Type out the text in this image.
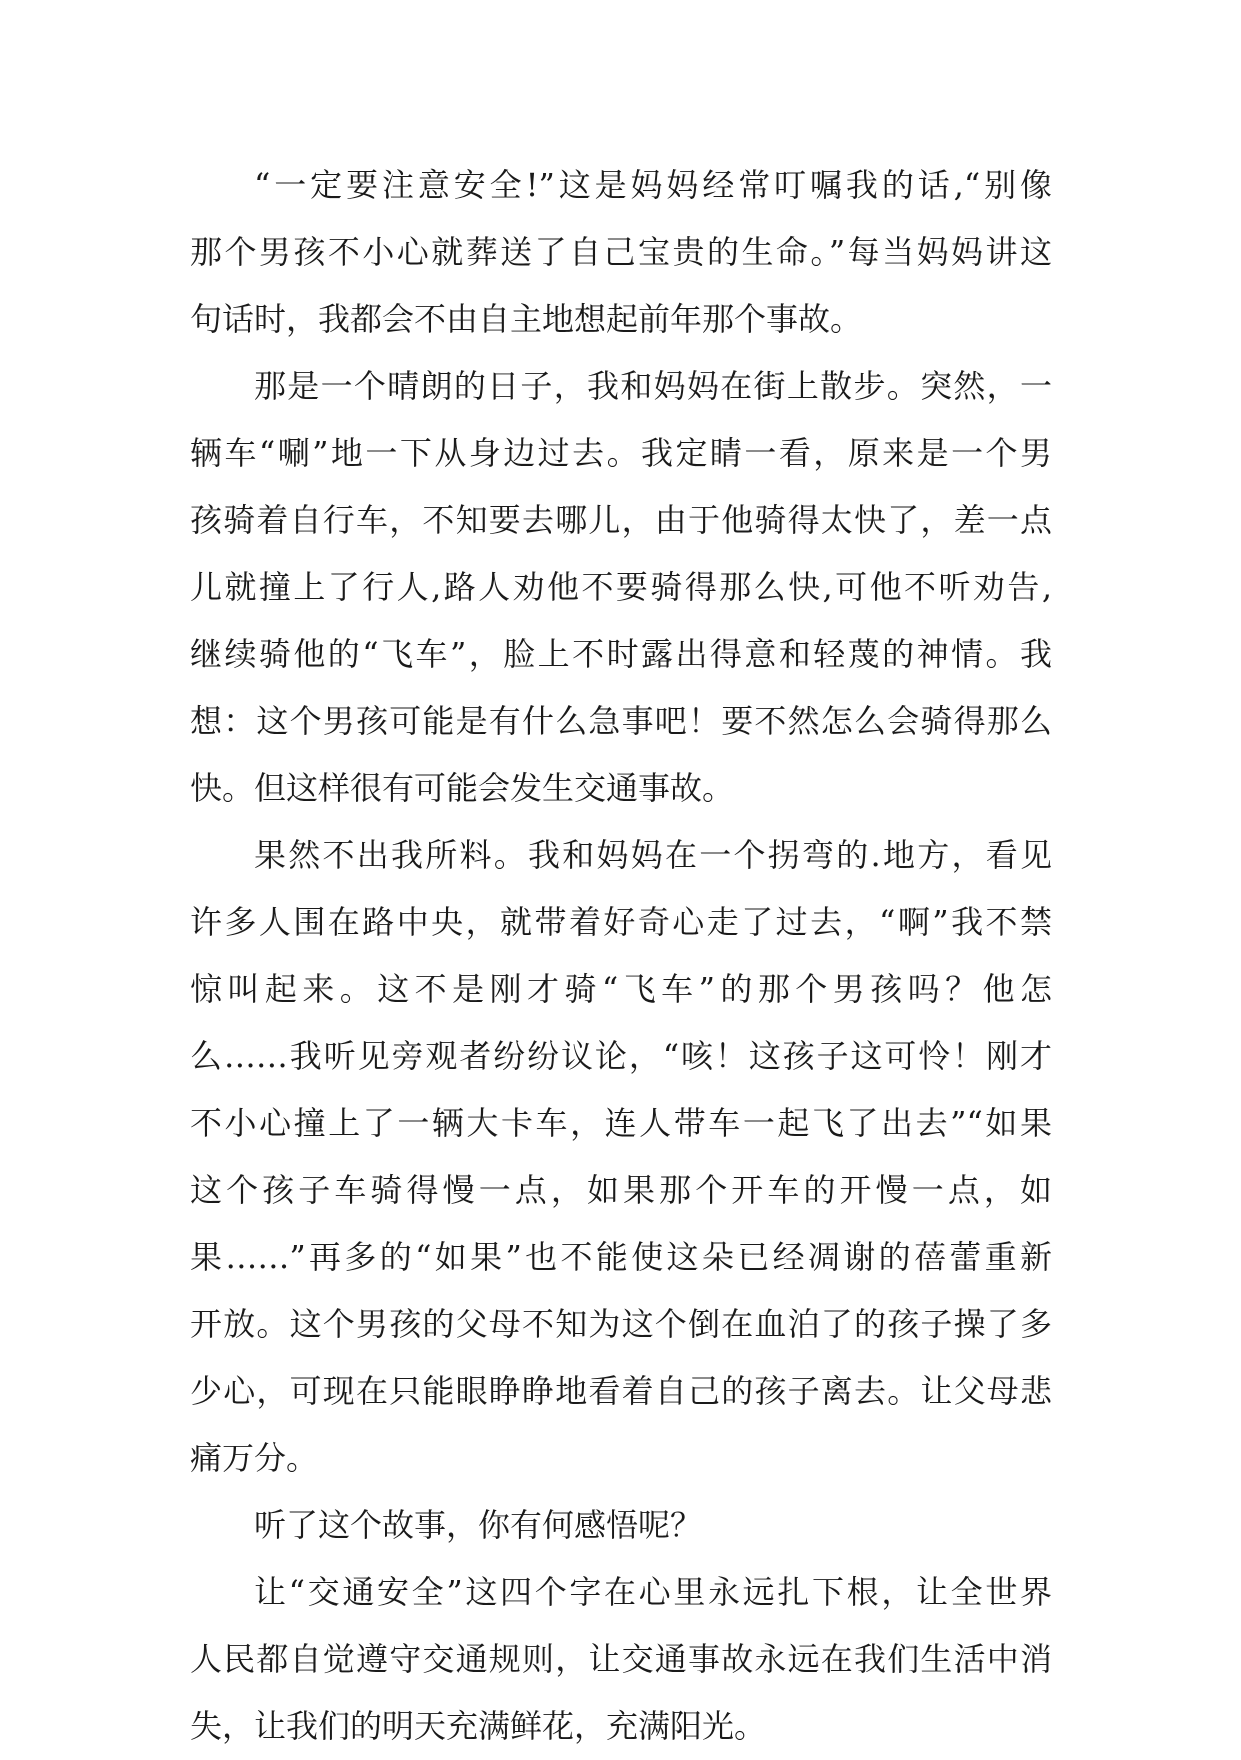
“一定要注意安全!”这是妈妈经常叮嘱我的话,“别像
那个男孩不小心就葬送了自己宝贵的生命。”每当妈妈讲这
句话时，我都会不由自主地想起前年那个事故。
那是一个晴朗的日子，我和妈妈在街上散步。突然，一
辆车“唰”地一下从身边过去。我定睛一看，原来是一个男
孩骑着自行车，不知要去哪儿，由于他骑得太快了，差一点
儿就撞上了行人,路人劝他不要骑得那么快,可他不听劝告,
继续骑他的“飞车”，脸上不时露出得意和轻蔑的神情。我
想：这个男孩可能是有什么急事吧！要不然怎么会骑得那么
快。但这样很有可能会发生交通事故。
果然不出我所料。我和妈妈在一个拐弯的.地方，看见
许多人围在路中央，就带着好奇心走了过去，“啊”我不禁
惊叫起来。这不是刚才骑“飞车”的那个男孩吗？他怎
么……我听见旁观者纷纷议论，“咳！这孩子这可怜！刚才
不小心撞上了一辆大卡车，连人带车一起飞了出去”“如果
这个孩子车骑得慢一点，如果那个开车的开慢一点，如
果……”再多的“如果”也不能使这朵已经凋谢的蓓蕾重新
开放。这个男孩的父母不知为这个倒在血泊了的孩子操了多
少心，可现在只能眼睁睁地看着自己的孩子离去。让父母悲
痛万分。
听了这个故事，你有何感悟呢？
让“交通安全”这四个字在心里永远扎下根，让全世界
人民都自觉遵守交通规则，让交通事故永远在我们生活中消
失，让我们的明天充满鲜花，充满阳光。
